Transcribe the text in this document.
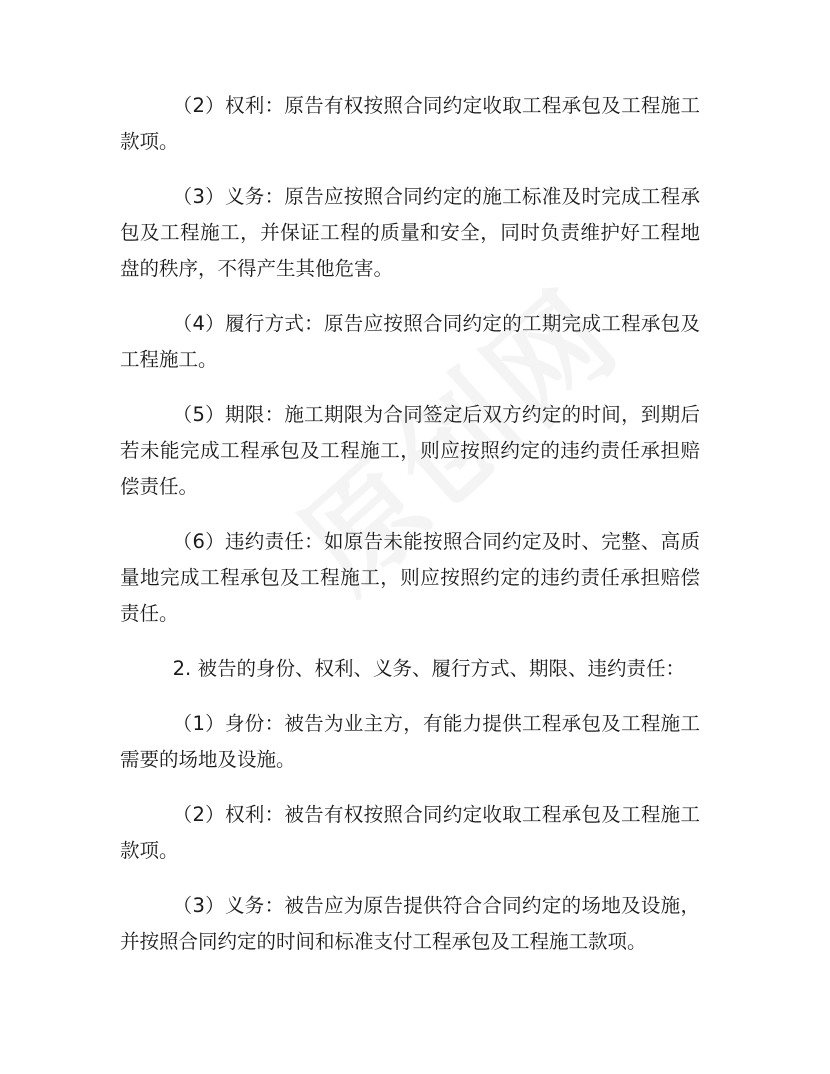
（2）权利：原告有权按照合同约定收取工程承包及工程施工款项。

（3）义务：原告应按照合同约定的施工标准及时完成工程承包及工程施工，并保证工程的质量和安全，同时负责维护好工程地盘的秩序，不得产生其他危害。

（4）履行方式：原告应按照合同约定的工期完成工程承包及工程施工。

（5）期限：施工期限为合同签定后双方约定的时间，到期后若未能完成工程承包及工程施工，则应按照约定的违约责任承担赔偿责任。

（6）违约责任：如原告未能按照合同约定及时、完整、高质量地完成工程承包及工程施工，则应按照约定的违约责任承担赔偿责任。

2. 被告的身份、权利、义务、履行方式、期限、违约责任：

（1）身份：被告为业主方，有能力提供工程承包及工程施工需要的场地及设施。

（2）权利：被告有权按照合同约定收取工程承包及工程施工款项。

（3）义务：被告应为原告提供符合合同约定的场地及设施，并按照合同约定的时间和标准支付工程承包及工程施工款项。
